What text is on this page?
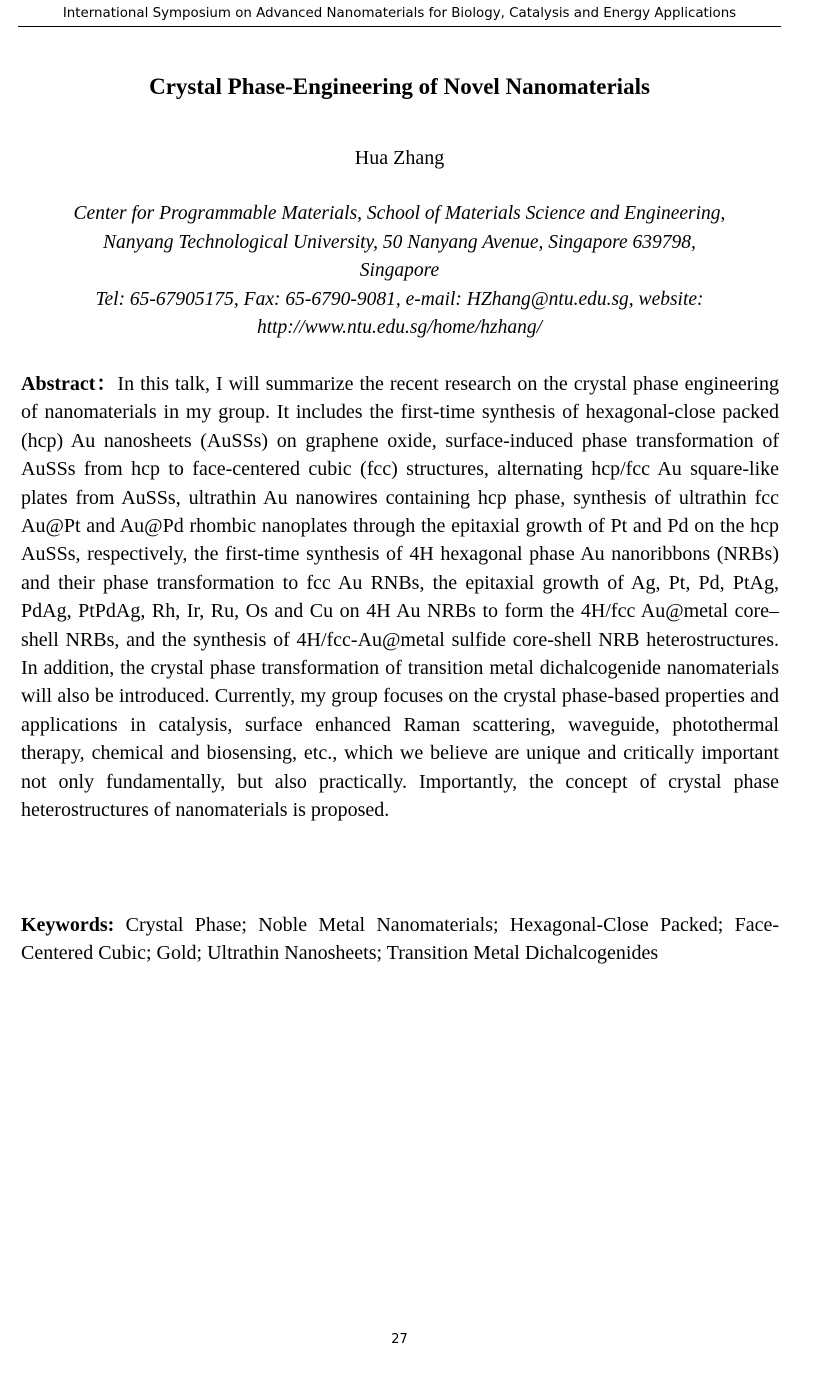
International Symposium on Advanced Nanomaterials for Biology, Catalysis and Energy Applications
Crystal Phase-Engineering of Novel Nanomaterials
Hua Zhang
Center for Programmable Materials, School of Materials Science and Engineering,
Nanyang Technological University, 50 Nanyang Avenue, Singapore 639798,
Singapore
Tel: 65-67905175, Fax: 65-6790-9081, e-mail: HZhang@ntu.edu.sg, website:
http://www.ntu.edu.sg/home/hzhang/

Abstract：In this talk, I will summarize the recent research on the crystal phase engineering of nanomaterials in my group. It includes the first-time synthesis of hexagonal-close packed (hcp) Au nanosheets (AuSSs) on graphene oxide, surface-induced phase transformation of AuSSs from hcp to face-centered cubic (fcc) structures, alternating hcp/fcc Au square-like plates from AuSSs, ultrathin Au nanowires containing hcp phase, synthesis of ultrathin fcc Au@Pt and Au@Pd rhombic nanoplates through the epitaxial growth of Pt and Pd on the hcp AuSSs, respectively, the first-time synthesis of 4H hexagonal phase Au nanoribbons (NRBs) and their phase transformation to fcc Au RNBs, the epitaxial growth of Ag, Pt, Pd, PtAg, PdAg, PtPdAg, Rh, Ir, Ru, Os and Cu on 4H Au NRBs to form the 4H/fcc Au@metal core–shell NRBs, and the synthesis of 4H/fcc-Au@metal sulfide core-shell NRB heterostructures. In addition, the crystal phase transformation of transition metal dichalcogenide nanomaterials will also be introduced. Currently, my group focuses on the crystal phase-based properties and applications in catalysis, surface enhanced Raman scattering, waveguide, photothermal therapy, chemical and biosensing, etc., which we believe are unique and critically important not only fundamentally, but also practically. Importantly, the concept of crystal phase heterostructures of nanomaterials is proposed.

Keywords: Crystal Phase; Noble Metal Nanomaterials; Hexagonal-Close Packed; Face-Centered Cubic; Gold; Ultrathin Nanosheets; Transition Metal Dichalcogenides

27
